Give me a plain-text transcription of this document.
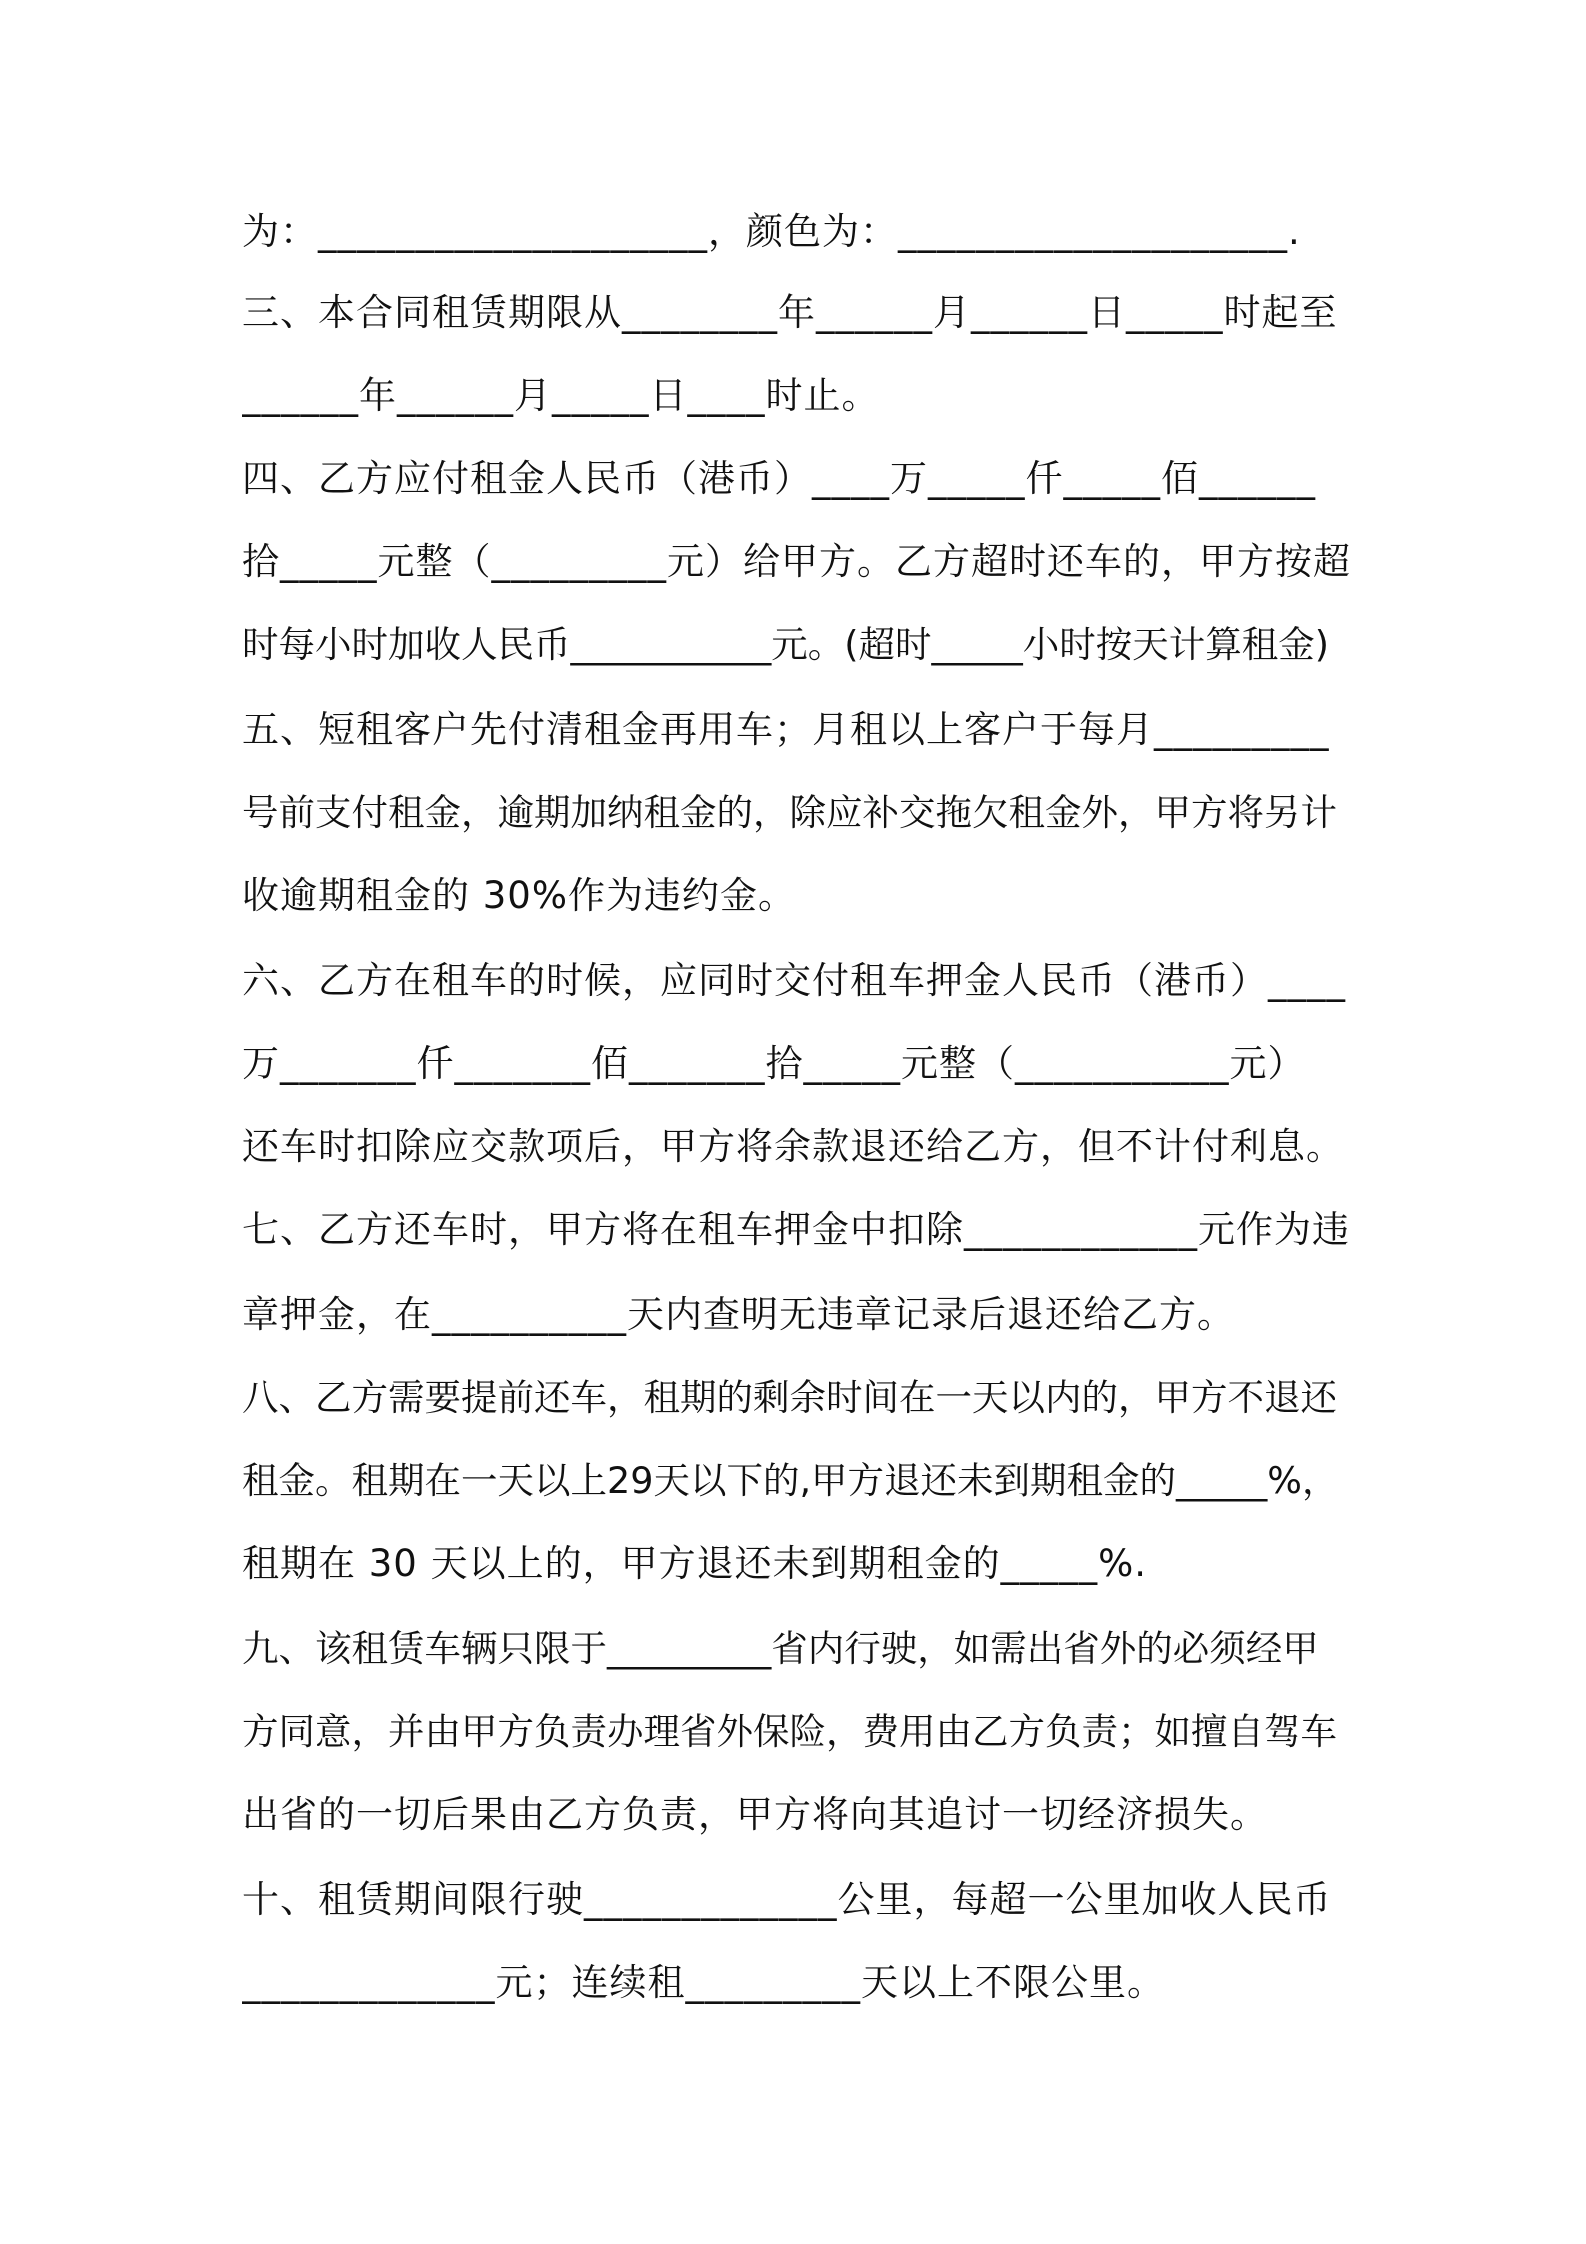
为：____________________，颜色为：____________________.

三、本合同租赁期限从________年______月______日_____时起至

______年______月_____日____时止。

四、乙方应付租金人民币（港币）____万_____仟_____佰______

拾_____元整（_________元）给甲方。乙方超时还车的，甲方按超

时每小时加收人民币___________元。(超时_____小时按天计算租金)

五、短租客户先付清租金再用车；月租以上客户于每月_________

号前支付租金，逾期加纳租金的，除应补交拖欠租金外，甲方将另计

收逾期租金的 30%作为违约金。

六、乙方在租车的时候，应同时交付租车押金人民币（港币）____

万_______仟_______佰_______拾_____元整（___________元）

还车时扣除应交款项后，甲方将余款退还给乙方，但不计付利息。

七、乙方还车时，甲方将在租车押金中扣除____________元作为违

章押金，在__________天内查明无违章记录后退还给乙方。

八、乙方需要提前还车，租期的剩余时间在一天以内的，甲方不退还

租金。租期在一天以上29天以下的,甲方退还未到期租金的_____%，

租期在 30 天以上的，甲方退还未到期租金的_____%.

九、该租赁车辆只限于_________省内行驶，如需出省外的必须经甲

方同意，并由甲方负责办理省外保险，费用由乙方负责；如擅自驾车

出省的一切后果由乙方负责，甲方将向其追讨一切经济损失。

十、租赁期间限行驶_____________公里，每超一公里加收人民币

_____________元；连续租_________天以上不限公里。
